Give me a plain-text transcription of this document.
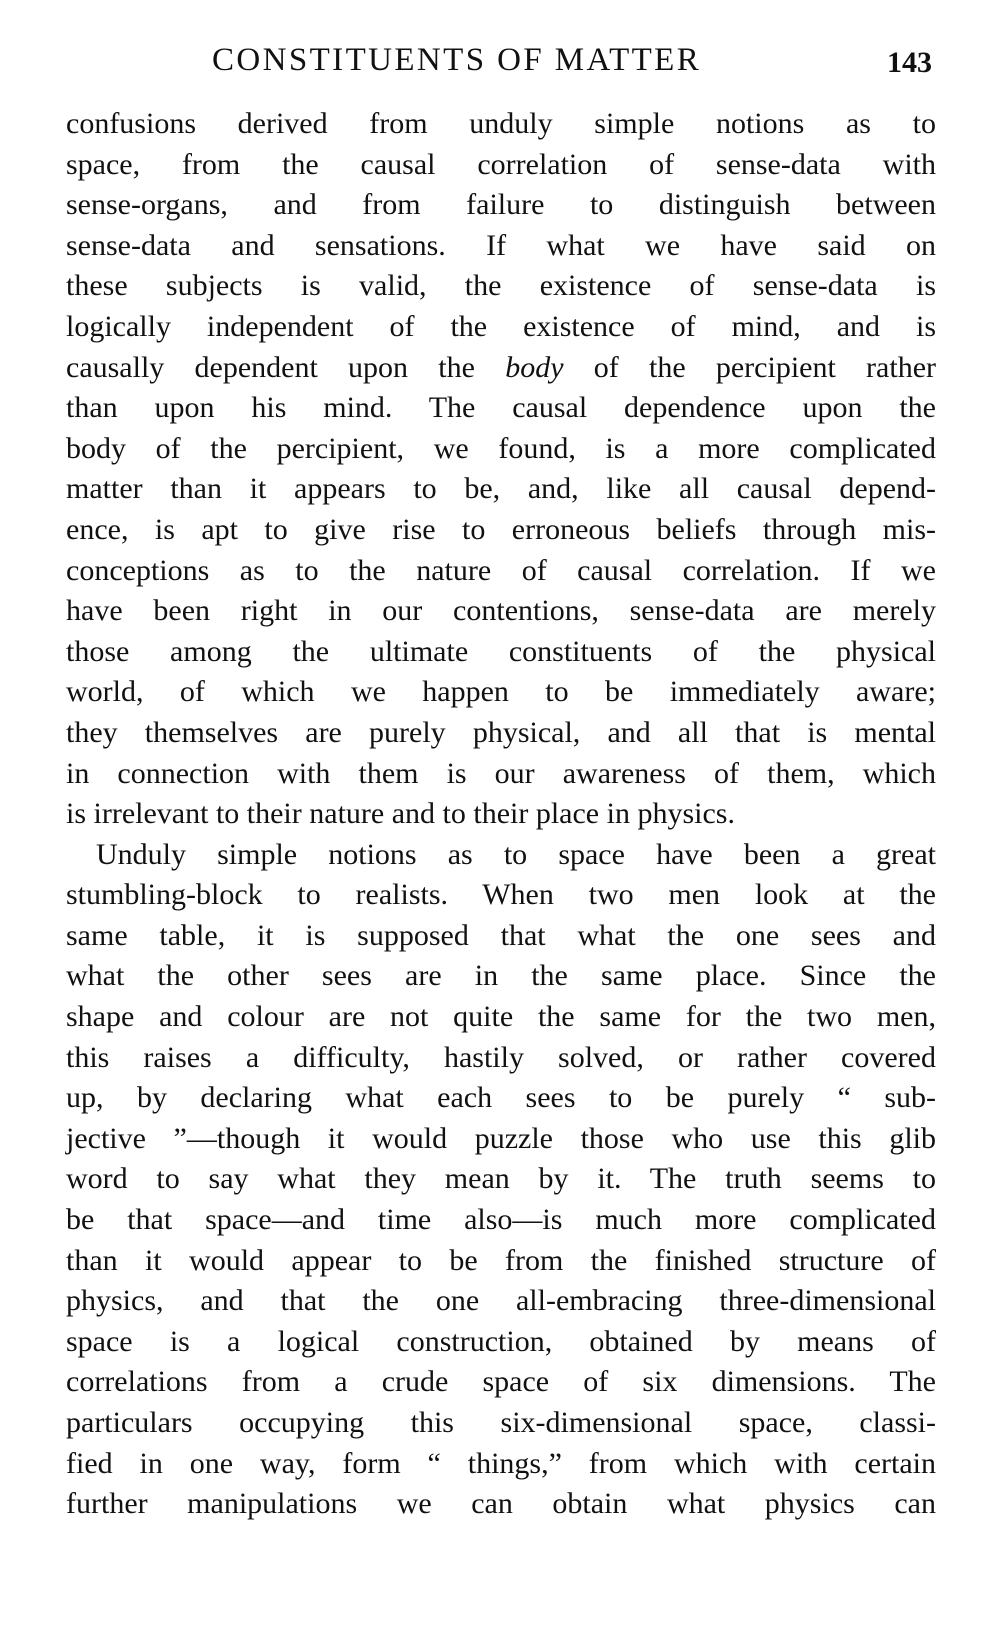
CONSTITUENTS OF MATTER	143
confusions derived from unduly simple notions as to
space, from the causal correlation of sense-data with
sense-organs, and from failure to distinguish between
sense-data and sensations. If what we have said on
these subjects is valid, the existence of sense-data is
logically independent of the existence of mind, and is
causally dependent upon the body of the percipient rather
than upon his mind. The causal dependence upon the
body of the percipient, we found, is a more complicated
matter than it appears to be, and, like all causal depend-
ence, is apt to give rise to erroneous beliefs through mis-
conceptions as to the nature of causal correlation. If we
have been right in our contentions, sense-data are merely
those among the ultimate constituents of the physical
world, of which we happen to be immediately aware;
they themselves are purely physical, and all that is mental
in connection with them is our awareness of them, which
is irrelevant to their nature and to their place in physics.
Unduly simple notions as to space have been a great
stumbling-block to realists. When two men look at the
same table, it is supposed that what the one sees and
what the other sees are in the same place. Since the
shape and colour are not quite the same for the two men,
this raises a difficulty, hastily solved, or rather covered
up, by declaring what each sees to be purely “ sub-
jective ”—though it would puzzle those who use this glib
word to say what they mean by it. The truth seems to
be that space—and time also—is much more complicated
than it would appear to be from the finished structure of
physics, and that the one all-embracing three-dimensional
space is a logical construction, obtained by means of
correlations from a crude space of six dimensions. The
particulars occupying this six-dimensional space, classi-
fied in one way, form “ things,” from which with certain
further manipulations we can obtain what physics can
